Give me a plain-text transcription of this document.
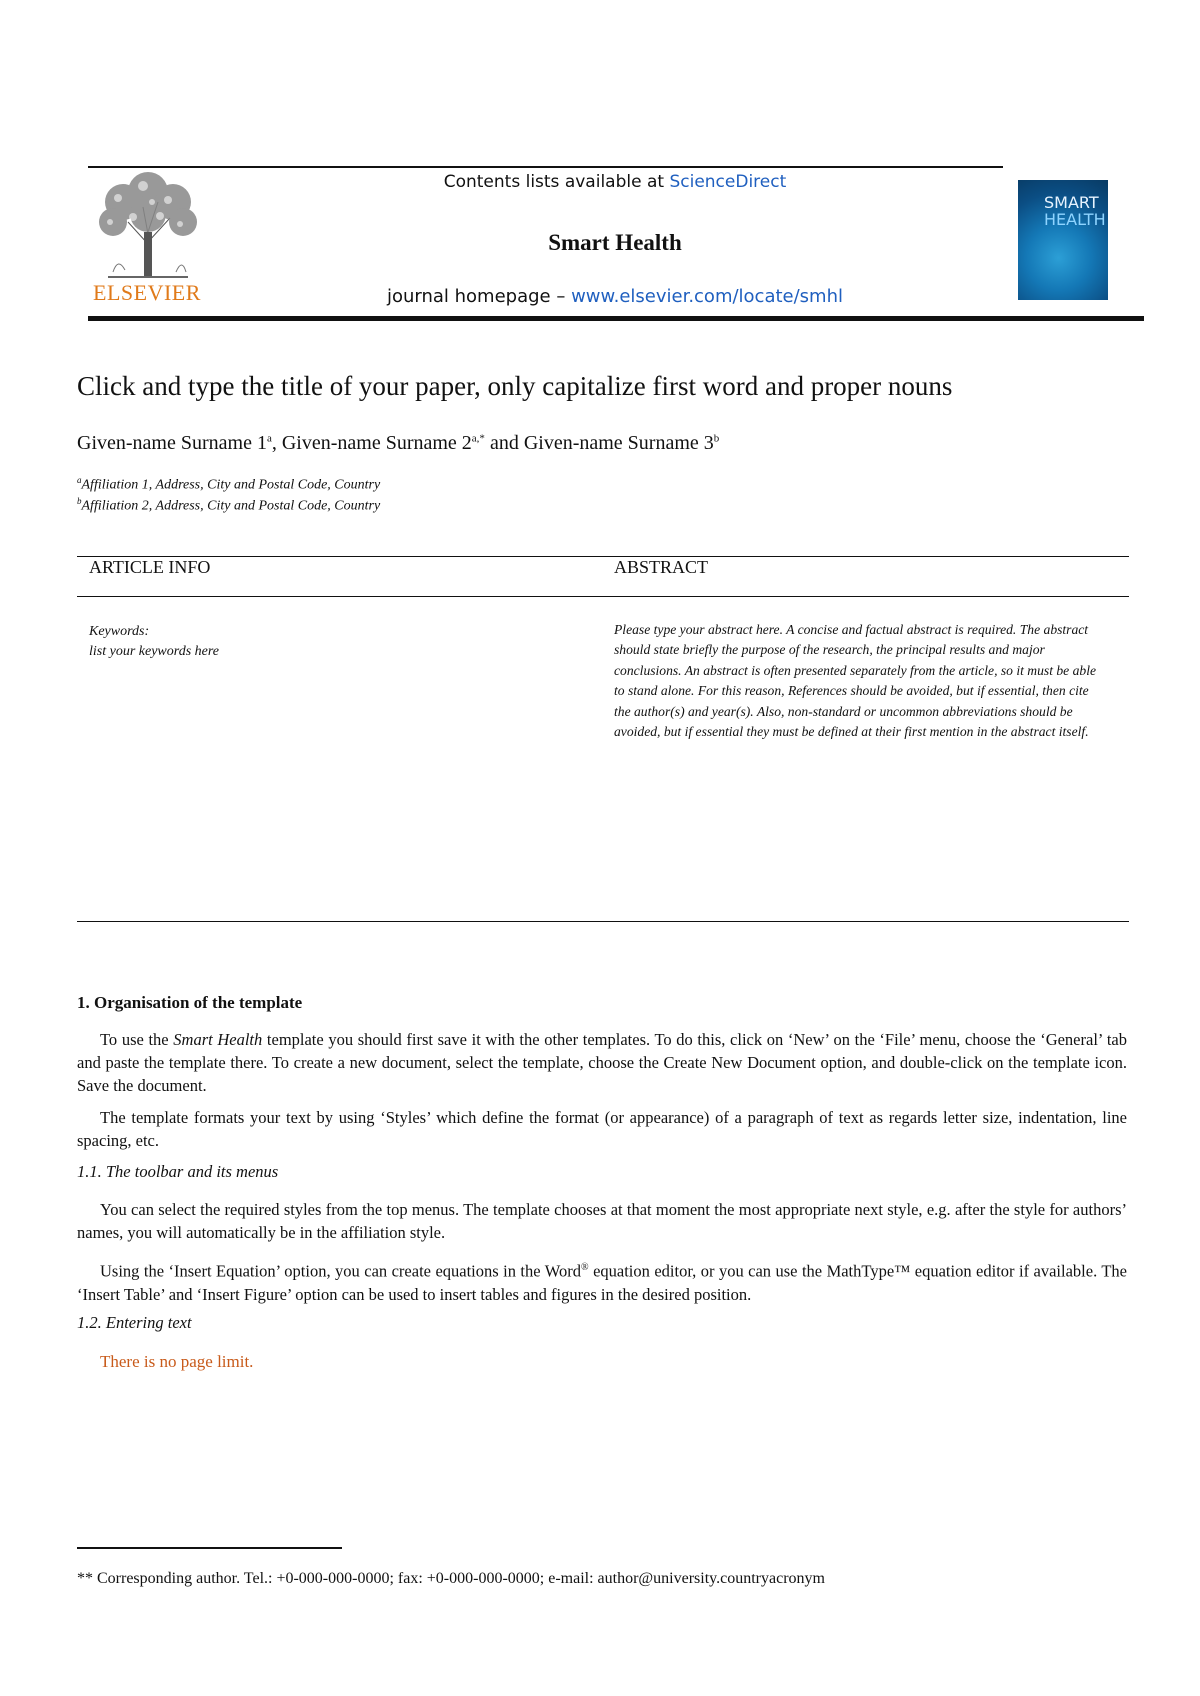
ELSEVIER
Contents lists available at ScienceDirect
Smart Health
journal homepage – www.elsevier.com/locate/smhl
SMART
HEALTH
Click and type the title of your paper, only capitalize first word and proper nouns
Given-name Surname 1$^a$, Given-name Surname $2^{a,*}$ and Given-name Surname 3$^b$
$^a$Affiliation 1, Address, City and Postal Code, Country
$^b$Affiliation 2, Address, City and Postal Code, Country
ARTICLE INFO	ABSTRACT
Keywords:
list your keywords here
Please type your abstract here. A concise and factual abstract is required. The abstract should state briefly the purpose of the research, the principal results and major conclusions. An abstract is often presented separately from the article, so it must be able to stand alone. For this reason, References should be avoided, but if essential, then cite the author(s) and year(s). Also, non-standard or uncommon abbreviations should be avoided, but if essential they must be defined at their first mention in the abstract itself.
1. Organisation of the template
To use the Smart Health template you should first save it with the other templates. To do this, click on ‘New’ on the ‘File’ menu, choose the ‘General’ tab and paste the template there. To create a new document, select the template, choose the Create New Document option, and double-click on the template icon. Save the document.
The template formats your text by using ‘Styles’ which define the format (or appearance) of a paragraph of text as regards letter size, indentation, line spacing, etc.
1.1. The toolbar and its menus
You can select the required styles from the top menus. The template chooses at that moment the most appropriate next style, e.g. after the style for authors’ names, you will automatically be in the affiliation style.
Using the ‘Insert Equation’ option, you can create equations in the Word® equation editor, or you can use the MathType™ equation editor if available. The ‘Insert Table’ and ‘Insert Figure’ option can be used to insert tables and figures in the desired position.
1.2. Entering text
There is no page limit.
** Corresponding author. Tel.: +0-000-000-0000; fax: +0-000-000-0000; e-mail: author@university.countryacronym
